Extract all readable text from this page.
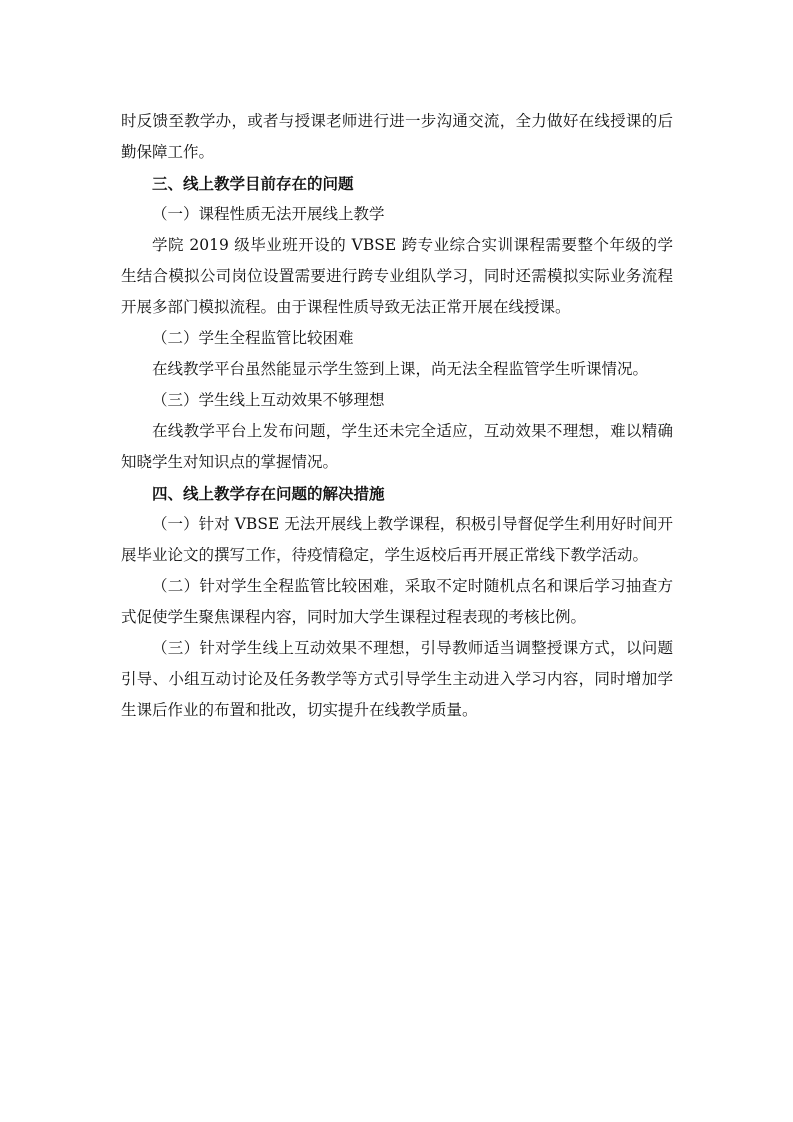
时反馈至教学办，或者与授课老师进行进一步沟通交流，全力做好在线授课的后勤保障工作。

三、线上教学目前存在的问题

（一）课程性质无法开展线上教学

学院 2019 级毕业班开设的 VBSE 跨专业综合实训课程需要整个年级的学生结合模拟公司岗位设置需要进行跨专业组队学习，同时还需模拟实际业务流程开展多部门模拟流程。由于课程性质导致无法正常开展在线授课。

（二）学生全程监管比较困难

在线教学平台虽然能显示学生签到上课，尚无法全程监管学生听课情况。

（三）学生线上互动效果不够理想

在线教学平台上发布问题，学生还未完全适应，互动效果不理想，难以精确知晓学生对知识点的掌握情况。

四、线上教学存在问题的解决措施

（一）针对 VBSE 无法开展线上教学课程，积极引导督促学生利用好时间开展毕业论文的撰写工作，待疫情稳定，学生返校后再开展正常线下教学活动。

（二）针对学生全程监管比较困难，采取不定时随机点名和课后学习抽查方式促使学生聚焦课程内容，同时加大学生课程过程表现的考核比例。

（三）针对学生线上互动效果不理想，引导教师适当调整授课方式，以问题引导、小组互动讨论及任务教学等方式引导学生主动进入学习内容，同时增加学生课后作业的布置和批改，切实提升在线教学质量。
